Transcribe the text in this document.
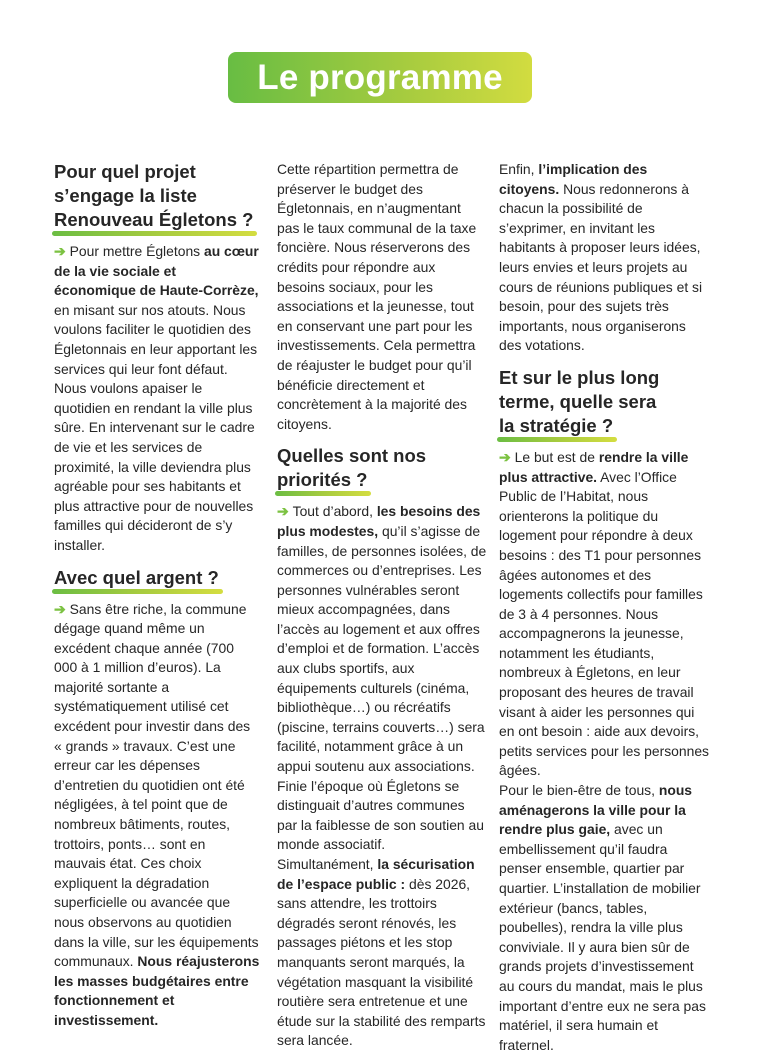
Le programme
Pour quel projet s’engage la liste Renouveau Égletons ?

➔ Pour mettre Égletons au cœur de la vie sociale et économique de Haute-Corrèze, en misant sur nos atouts. Nous voulons faciliter le quotidien des Égletonnais en leur apportant les services qui leur font défaut. Nous voulons apaiser le quotidien en rendant la ville plus sûre. En intervenant sur le cadre de vie et les services de proximité, la ville deviendra plus agréable pour ses habitants et plus attractive pour de nouvelles familles qui décideront de s’y installer.

Avec quel argent ?

➔ Sans être riche, la commune dégage quand même un excédent chaque année (700 000 à 1 million d’euros). La majorité sortante a systématiquement utilisé cet excédent pour investir dans des « grands » travaux. C’est une erreur car les dépenses d’entretien du quotidien ont été négligées, à tel point que de nombreux bâtiments, routes, trottoirs, ponts… sont en mauvais état. Ces choix expliquent la dégradation superficielle ou avancée que nous observons au quotidien dans la ville, sur les équipements communaux. Nous réajusterons les masses budgétaires entre fonctionnement et investissement.

Cette répartition permettra de préserver le budget des Égletonnais, en n’augmentant pas le taux communal de la taxe foncière. Nous réserverons des crédits pour répondre aux besoins sociaux, pour les associations et la jeunesse, tout en conservant une part pour les investissements. Cela permettra de réajuster le budget pour qu’il bénéficie directement et concrètement à la majorité des citoyens.

Quelles sont nos priorités ?

➔ Tout d’abord, les besoins des plus modestes, qu’il s’agisse de familles, de personnes isolées, de commerces ou d’entreprises. Les personnes vulnérables seront mieux accompagnées, dans l’accès au logement et aux offres d’emploi et de formation. L’accès aux clubs sportifs, aux équipements culturels (cinéma, bibliothèque…) ou récréatifs (piscine, terrains couverts…) sera facilité, notamment grâce à un appui soutenu aux associations. Finie l’époque où Égletons se distinguait d’autres communes par la faiblesse de son soutien au monde associatif.

Simultanément, la sécurisation de l’espace public : dès 2026, sans attendre, les trottoirs dégradés seront rénovés, les passages piétons et les stop manquants seront marqués, la végétation masquant la visibilité routière sera entretenue et une étude sur la stabilité des remparts sera lancée.

Enfin, l’implication des citoyens. Nous redonnerons à chacun la possibilité de s’exprimer, en invitant les habitants à proposer leurs idées, leurs envies et leurs projets au cours de réunions publiques et si besoin, pour des sujets très importants, nous organiserons des votations.

Et sur le plus long terme, quelle sera la stratégie ?

➔ Le but est de rendre la ville plus attractive. Avec l’Office Public de l’Habitat, nous orienterons la politique du logement pour répondre à deux besoins : des T1 pour personnes âgées autonomes et des logements collectifs pour familles de 3 à 4 personnes. Nous accompagnerons la jeunesse, notamment les étudiants, nombreux à Égletons, en leur proposant des heures de travail visant à aider les personnes qui en ont besoin : aide aux devoirs, petits services pour les personnes âgées.

Pour le bien-être de tous, nous aménagerons la ville pour la rendre plus gaie, avec un embellissement qu’il faudra penser ensemble, quartier par quartier. L’installation de mobilier extérieur (bancs, tables, poubelles), rendra la ville plus conviviale. Il y aura bien sûr de grands projets d’investissement au cours du mandat, mais le plus important d’entre eux ne sera pas matériel, il sera humain et fraternel.
